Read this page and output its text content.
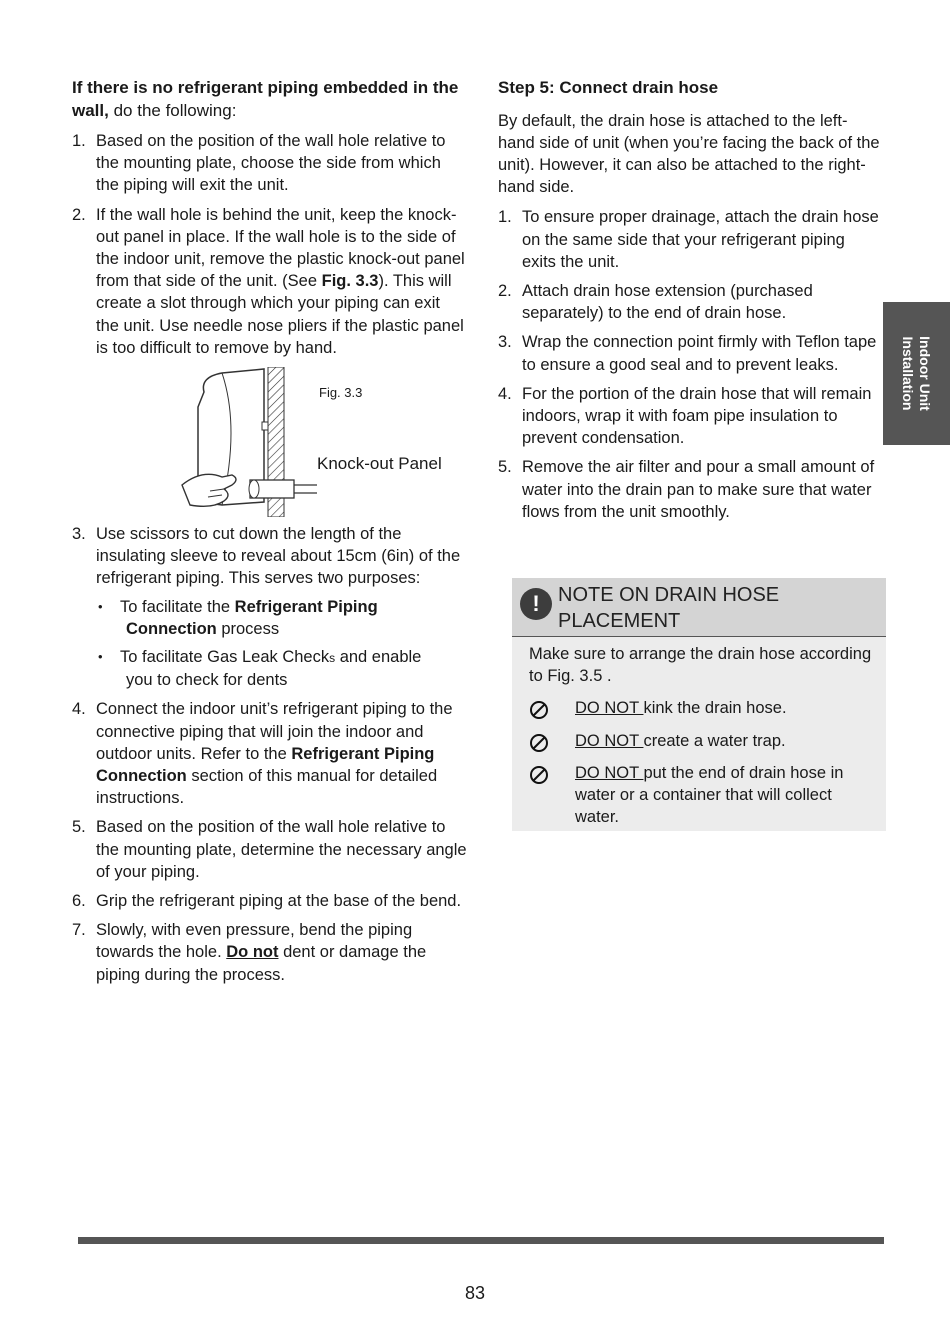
If there is no refrigerant piping embedded in the wall, do the following:
1. Based on the position of the wall hole relative to the mounting plate, choose the side from which the piping will exit the unit.
2. If the wall hole is behind the unit, keep the knock-out panel in place. If the wall hole is to the side of the indoor unit, remove the plastic knock-out panel from that side of the unit. (See Fig. 3.3). This will create a slot through which your piping can exit the unit. Use needle nose pliers if the plastic panel is too difficult to remove by hand.
Fig. 3.3
Knock-out Panel
3. Use scissors to cut down the length of the insulating sleeve to reveal about 15cm (6in) of the refrigerant piping. This serves two purposes:
• To facilitate the Refrigerant Piping
Connection process
• To facilitate Gas Leak Checks and enable
you to check for dents
4. Connect the indoor unit’s refrigerant piping to the connective piping that will join the indoor and outdoor units. Refer to the Refrigerant Piping Connection section of this manual for detailed instructions.
5. Based on the position of the wall hole relative to the mounting plate, determine the necessary angle of your piping.
6. Grip the refrigerant piping at the base of the bend.
7. Slowly, with even pressure, bend the piping towards the hole. Do not dent or damage the piping during the process.
Step 5: Connect drain hose

By default, the drain hose is attached to the left-hand side of unit (when you’re facing the back of the unit). However, it can also be attached to the right-hand side.

1. To ensure proper drainage, attach the drain hose on the same side that your refrigerant piping exits the unit.
2. Attach drain hose extension (purchased separately) to the end of drain hose.
3. Wrap the connection point firmly with Teflon tape to ensure a good seal and to prevent leaks.
4. For the portion of the drain hose that will remain indoors, wrap it with foam pipe insulation to prevent condensation.
5. Remove the air filter and pour a small amount of water into the drain pan to make sure that water flows from the unit smoothly.
! NOTE ON DRAIN HOSE PLACEMENT
Make sure to arrange the drain hose according to Fig. 3.5 .
DO NOT kink the drain hose.
DO NOT create a water trap.
DO NOT put the end of drain hose in water or a container that will collect water.
Indoor Unit
Installation
83
